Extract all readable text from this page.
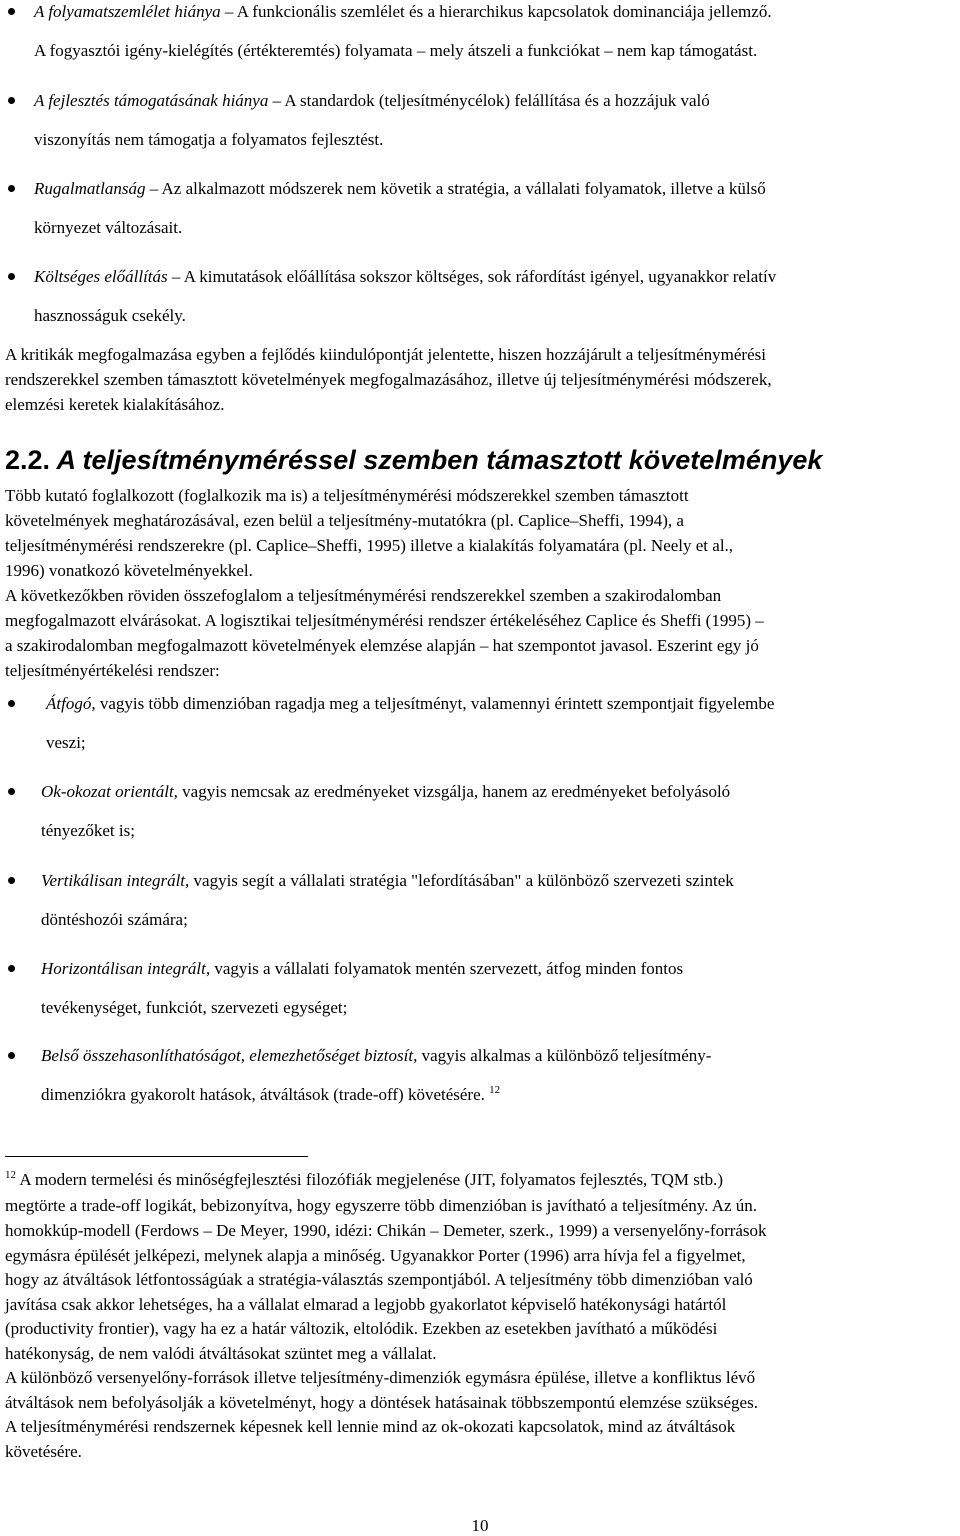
A folyamatszemlélet hiánya – A funkcionális szemlélet és a hierarchikus kapcsolatok dominanciája jellemző.
A fogyasztói igény-kielégítés (értékteremtés) folyamata – mely átszeli a funkciókat – nem kap támogatást.
A fejlesztés támogatásának hiánya – A standardok (teljesítménycélok) felállítása és a hozzájuk való
viszonyítás nem támogatja a folyamatos fejlesztést.
Rugalmatlanság – Az alkalmazott módszerek nem követik a stratégia, a vállalati folyamatok, illetve a külső
környezet változásait.
Költséges előállítás – A kimutatások előállítása sokszor költséges, sok ráfordítást igényel, ugyanakkor relatív
hasznosságuk csekély.
A kritikák megfogalmazása egyben a fejlődés kiindulópontját jelentette, hiszen hozzájárult a teljesítménymérési
rendszerekkel szemben támasztott követelmények megfogalmazásához, illetve új teljesítménymérési módszerek,
elemzési keretek kialakításához.
2.2. A teljesítményméréssel szemben támasztott követelmények
Több kutató foglalkozott (foglalkozik ma is) a teljesítménymérési módszerekkel szemben támasztott
követelmények meghatározásával, ezen belül a teljesítmény-mutatókra (pl. Caplice–Sheffi, 1994), a
teljesítménymérési rendszerekre (pl. Caplice–Sheffi, 1995) illetve a kialakítás folyamatára (pl. Neely et al.,
1996) vonatkozó követelményekkel.
A következőkben röviden összefoglalom a teljesítménymérési rendszerekkel szemben a szakirodalomban
megfogalmazott elvárásokat. A logisztikai teljesítménymérési rendszer értékeléséhez Caplice és Sheffi (1995) –
a szakirodalomban megfogalmazott követelmények elemzése alapján – hat szempontot javasol. Eszerint egy jó
teljesítményértékelési rendszer:
Átfogó, vagyis több dimenzióban ragadja meg a teljesítményt, valamennyi érintett szempontjait figyelembe
veszi;
Ok-okozat orientált, vagyis nemcsak az eredményeket vizsgálja, hanem az eredményeket befolyásoló
tényezőket is;
Vertikálisan integrált, vagyis segít a vállalati stratégia "lefordításában" a különböző szervezeti szintek
döntéshozói számára;
Horizontálisan integrált, vagyis a vállalati folyamatok mentén szervezett, átfog minden fontos
tevékenységet, funkciót, szervezeti egységet;
Belső összehasonlíthatóságot, elemezhetőséget biztosít, vagyis alkalmas a különböző teljesítmény-
dimenziókra gyakorolt hatások, átváltások (trade-off) követésére. $^{12}$
$^{12}$ A modern termelési és minőségfejlesztési filozófiák megjelenése (JIT, folyamatos fejlesztés, TQM stb.)
megtörte a trade-off logikát, bebizonyítva, hogy egyszerre több dimenzióban is javítható a teljesítmény. Az ún.
homokkúp-modell (Ferdows – De Meyer, 1990, idézi: Chikán – Demeter, szerk., 1999) a versenyelőny-források
egymásra épülését jelképezi, melynek alapja a minőség. Ugyanakkor Porter (1996) arra hívja fel a figyelmet,
hogy az átváltások létfontosságúak a stratégia-választás szempontjából. A teljesítmény több dimenzióban való
javítása csak akkor lehetséges, ha a vállalat elmarad a legjobb gyakorlatot képviselő hatékonysági határtól
(productivity frontier), vagy ha ez a határ változik, eltolódik. Ezekben az esetekben javítható a működési
hatékonyság, de nem valódi átváltásokat szüntet meg a vállalat.
A különböző versenyelőny-források illetve teljesítmény-dimenziók egymásra épülése, illetve a konfliktus lévő
átváltások nem befolyásolják a követelményt, hogy a döntések hatásainak többszempontú elemzése szükséges.
A teljesítménymérési rendszernek képesnek kell lennie mind az ok-okozati kapcsolatok, mind az átváltások
követésére.
10
